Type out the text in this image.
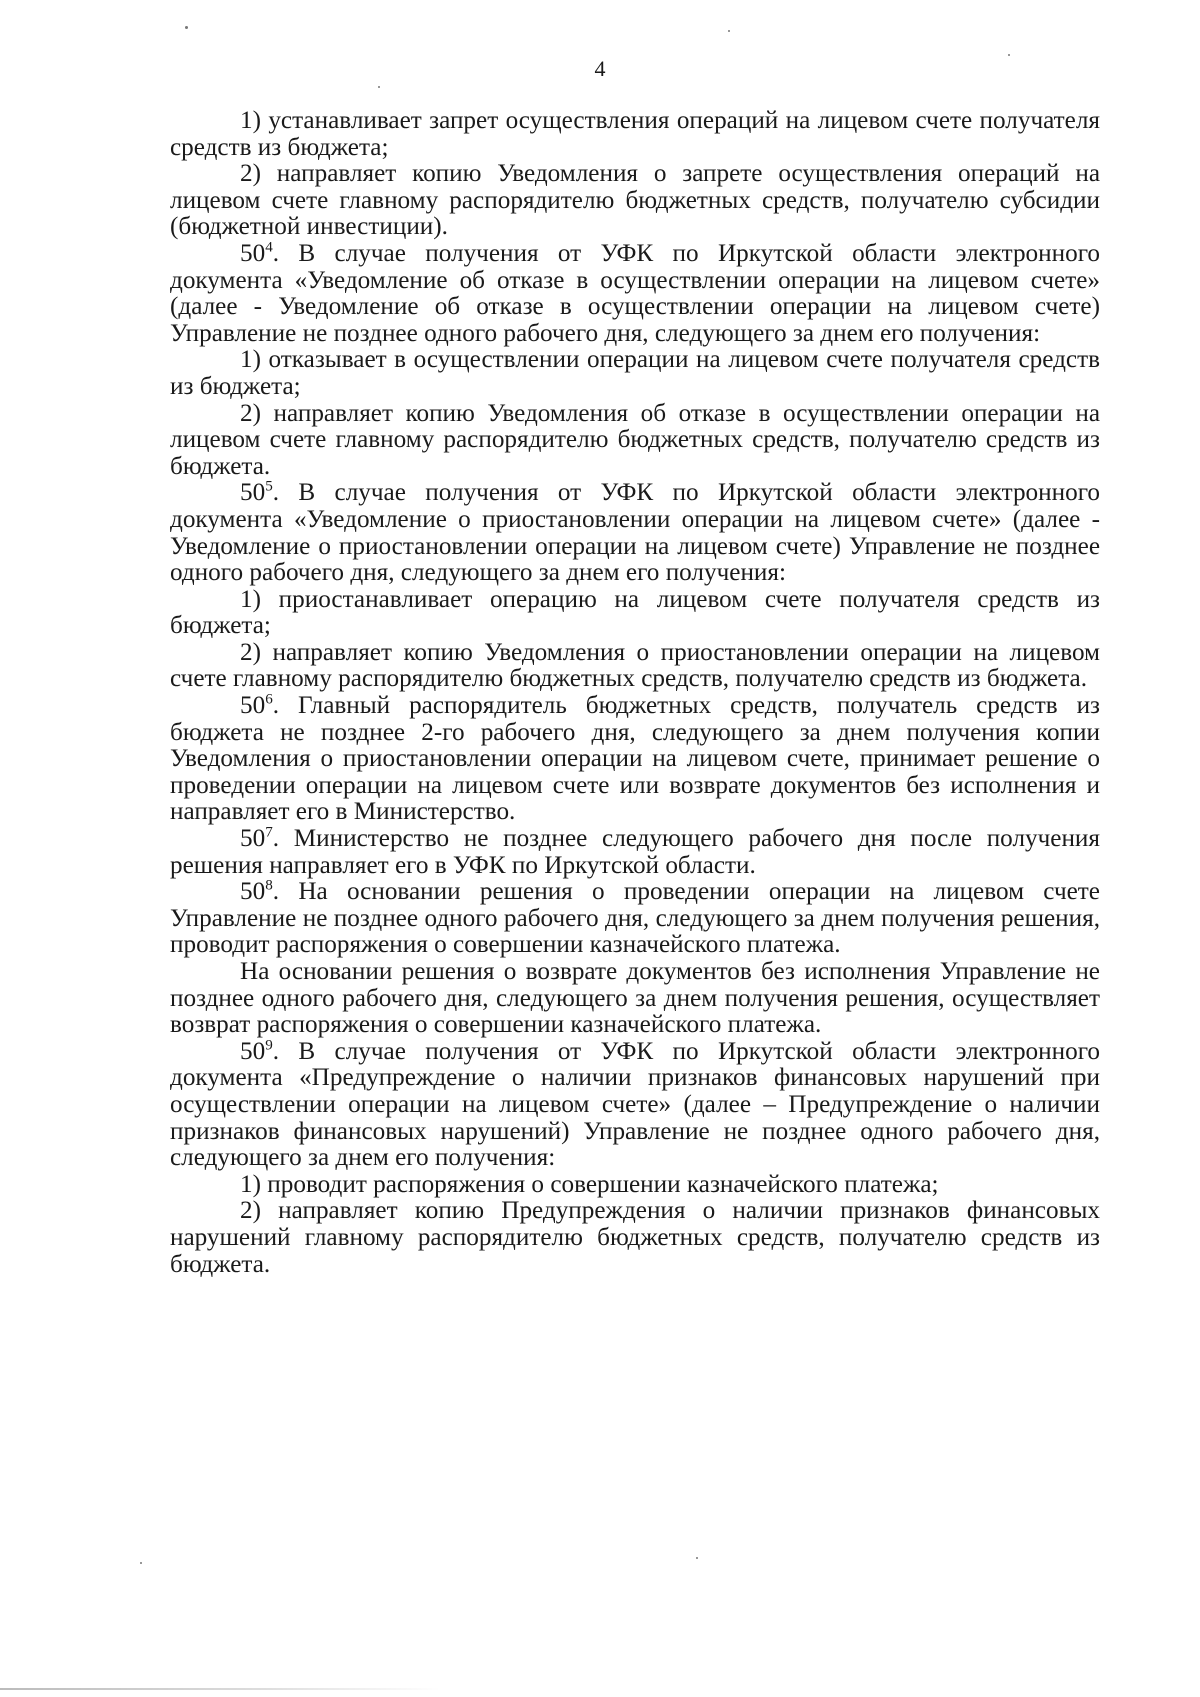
4

1) устанавливает запрет осуществления операций на лицевом счете получателя средств из бюджета;

2) направляет копию Уведомления о запрете осуществления операций на лицевом счете главному распорядителю бюджетных средств, получателю субсидии (бюджетной инвестиции).

$50^4$. В случае получения от УФК по Иркутской области электронного документа «Уведомление об отказе в осуществлении операции на лицевом счете» (далее - Уведомление об отказе в осуществлении операции на лицевом счете) Управление не позднее одного рабочего дня, следующего за днем его получения:

1) отказывает в осуществлении операции на лицевом счете получателя средств из бюджета;

2) направляет копию Уведомления об отказе в осуществлении операции на лицевом счете главному распорядителю бюджетных средств, получателю средств из бюджета.

$50^5$. В случае получения от УФК по Иркутской области электронного документа «Уведомление о приостановлении операции на лицевом счете» (далее - Уведомление о приостановлении операции на лицевом счете) Управление не позднее одного рабочего дня, следующего за днем его получения:

1) приостанавливает операцию на лицевом счете получателя средств из бюджета;

2) направляет копию Уведомления о приостановлении операции на лицевом счете главному распорядителю бюджетных средств, получателю средств из бюджета.

$50^6$. Главный распорядитель бюджетных средств, получатель средств из бюджета не позднее 2-го рабочего дня, следующего за днем получения копии Уведомления о приостановлении операции на лицевом счете, принимает решение о проведении операции на лицевом счете или возврате документов без исполнения и направляет его в Министерство.

$50^7$. Министерство не позднее следующего рабочего дня после получения решения направляет его в УФК по Иркутской области.

$50^8$. На основании решения о проведении операции на лицевом счете Управление не позднее одного рабочего дня, следующего за днем получения решения, проводит распоряжения о совершении казначейского платежа.

На основании решения о возврате документов без исполнения Управление не позднее одного рабочего дня, следующего за днем получения решения, осуществляет возврат распоряжения о совершении казначейского платежа.

$50^9$. В случае получения от УФК по Иркутской области электронного документа «Предупреждение о наличии признаков финансовых нарушений при осуществлении операции на лицевом счете» (далее – Предупреждение о наличии признаков финансовых нарушений) Управление не позднее одного рабочего дня, следующего за днем его получения:

1) проводит распоряжения о совершении казначейского платежа;

2) направляет копию Предупреждения о наличии признаков финансовых нарушений главному распорядителю бюджетных средств, получателю средств из бюджета.
